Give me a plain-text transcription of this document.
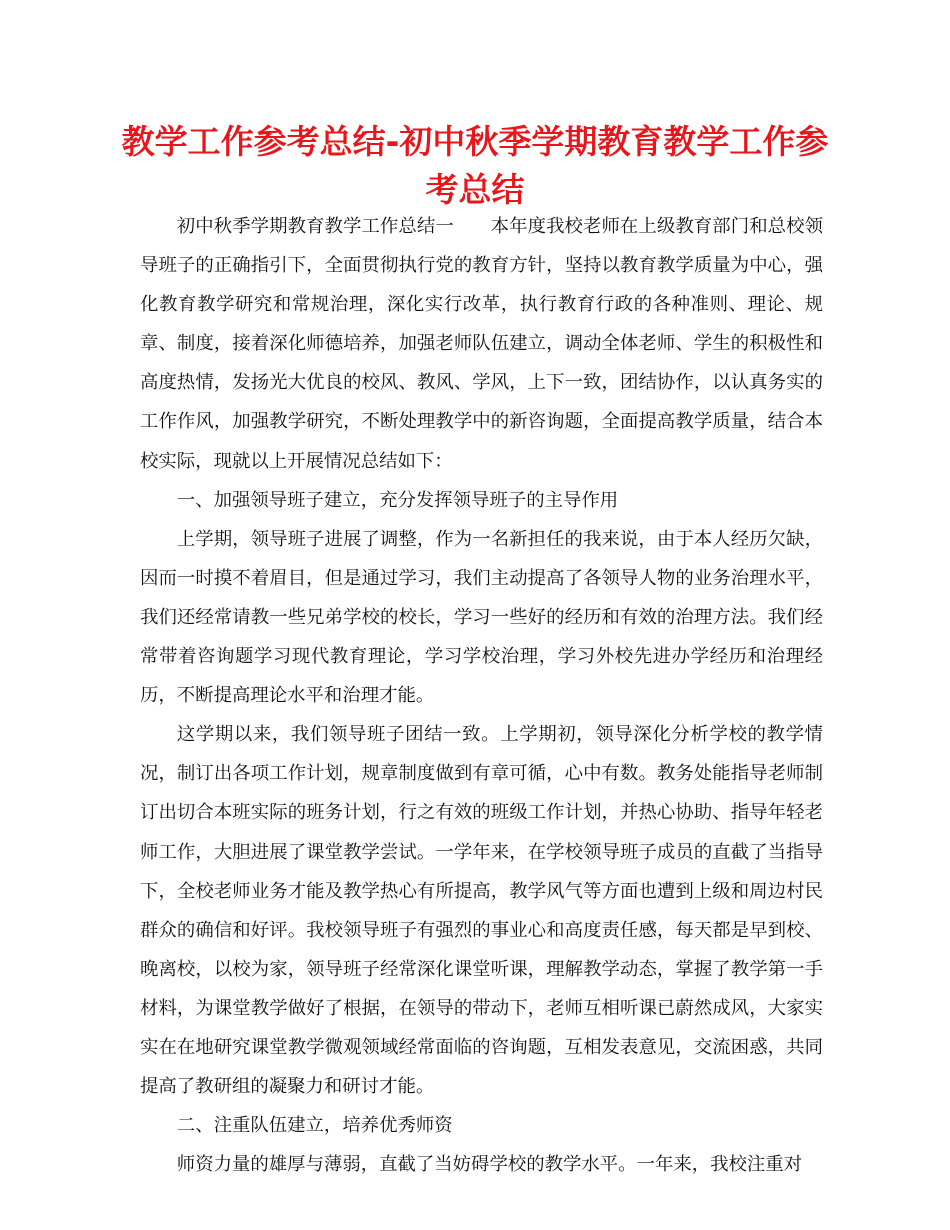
教学工作参考总结-初中秋季学期教育教学工作参考总结

初中秋季学期教育教学工作总结一 本年度我校老师在上级教育部门和总校领导班子的正确指引下，全面贯彻执行党的教育方针，坚持以教育教学质量为中心，强化教育教学研究和常规治理，深化实行改革，执行教育行政的各种准则、理论、规章、制度，接着深化师德培养，加强老师队伍建立，调动全体老师、学生的积极性和高度热情，发扬光大优良的校风、教风、学风，上下一致，团结协作，以认真务实的工作作风，加强教学研究，不断处理教学中的新咨询题，全面提高教学质量，结合本校实际，现就以上开展情况总结如下：

一、加强领导班子建立，充分发挥领导班子的主导作用

上学期，领导班子进展了调整，作为一名新担任的我来说，由于本人经历欠缺，因而一时摸不着眉目，但是通过学习，我们主动提高了各领导人物的业务治理水平，我们还经常请教一些兄弟学校的校长，学习一些好的经历和有效的治理方法。我们经常带着咨询题学习现代教育理论，学习学校治理，学习外校先进办学经历和治理经历，不断提高理论水平和治理才能。

这学期以来，我们领导班子团结一致。上学期初，领导深化分析学校的教学情况，制订出各项工作计划，规章制度做到有章可循，心中有数。教务处能指导老师制订出切合本班实际的班务计划，行之有效的班级工作计划，并热心协助、指导年轻老师工作，大胆进展了课堂教学尝试。一学年来，在学校领导班子成员的直截了当指导下，全校老师业务才能及教学热心有所提高，教学风气等方面也遭到上级和周边村民群众的确信和好评。我校领导班子有强烈的事业心和高度责任感，每天都是早到校、晚离校，以校为家，领导班子经常深化课堂听课，理解教学动态，掌握了教学第一手材料，为课堂教学做好了根据，在领导的带动下，老师互相听课已蔚然成风，大家实实在在地研究课堂教学微观领域经常面临的咨询题，互相发表意见，交流困惑，共同提高了教研组的凝聚力和研讨才能。

二、注重队伍建立，培养优秀师资

师资力量的雄厚与薄弱，直截了当妨碍学校的教学水平。一年来，我校注重对
